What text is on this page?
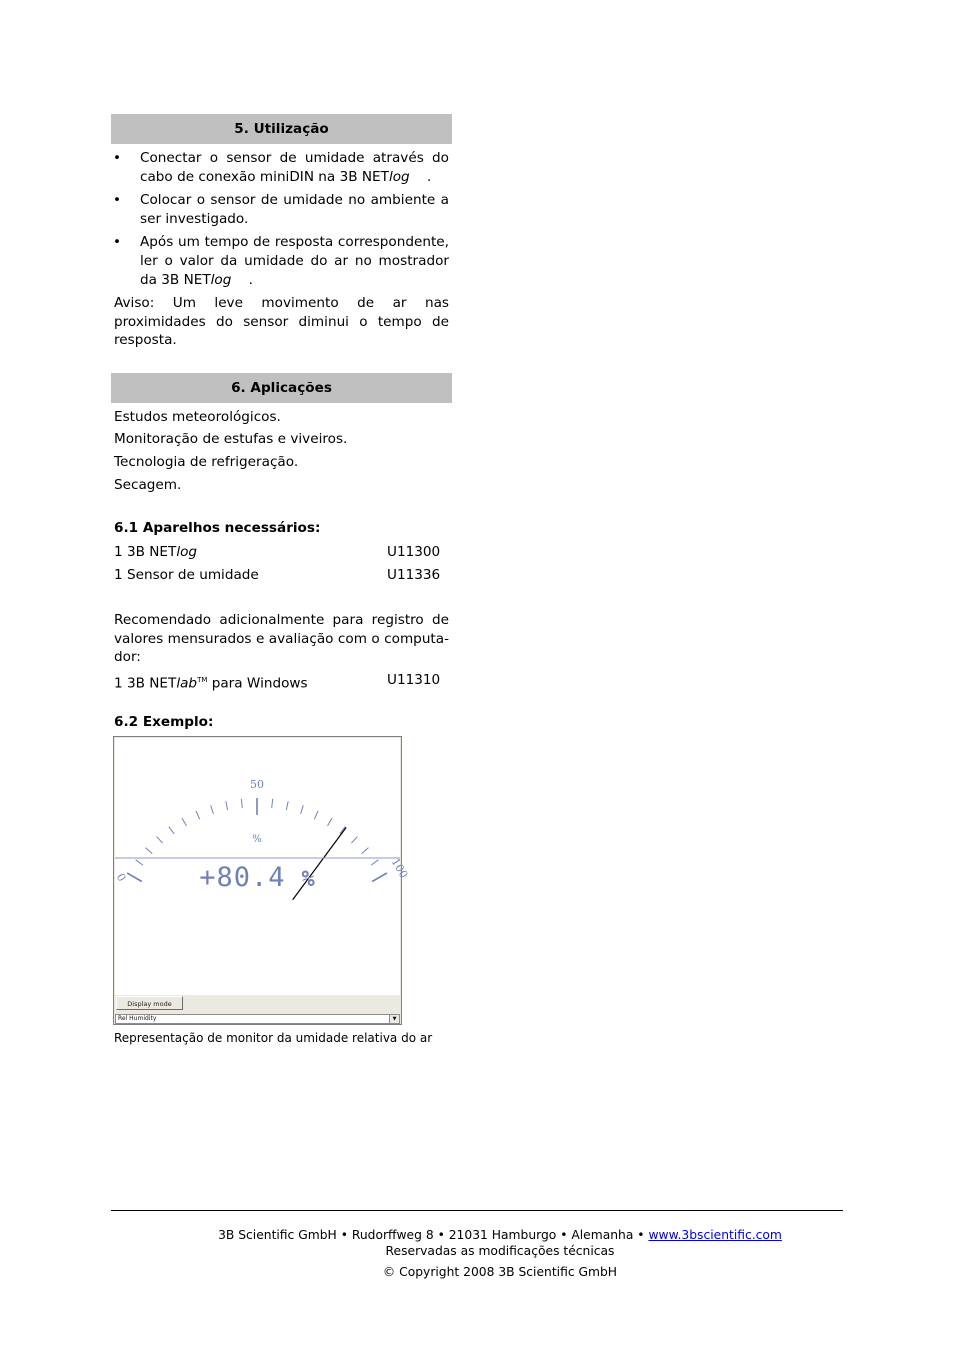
5. Utilização
• Conectar o sensor de umidade através do cabo de conexão miniDIN na 3B NETlog .
• Colocar o sensor de umidade no ambiente a ser investigado.
• Após um tempo de resposta correspondente, ler o valor da umidade do ar no mostrador da 3B NETlog .
Aviso: Um leve movimento de ar nas proximidades do sensor diminui o tempo de resposta.
6. Aplicações
Estudos meteorológicos.
Monitoração de estufas e viveiros.
Tecnologia de refrigeração.
Secagem.
6.1 Aparelhos necessários:
1 3B NETlog	U11300
1 Sensor de umidade	U11336
Recomendado adicionalmente para registro de valores mensurados e avaliação com o computa-dor:
1 3B NETlab™ para Windows	U11310
6.2 Exemplo:
0
50
100
%
+80.4 %
Display mode
Rel Humidity	▼
Representação de monitor da umidade relativa do ar
3B Scientific GmbH • Rudorffweg 8 • 21031 Hamburgo • Alemanha • www.3bscientific.com
Reservadas as modificações técnicas
© Copyright 2008 3B Scientific GmbH
